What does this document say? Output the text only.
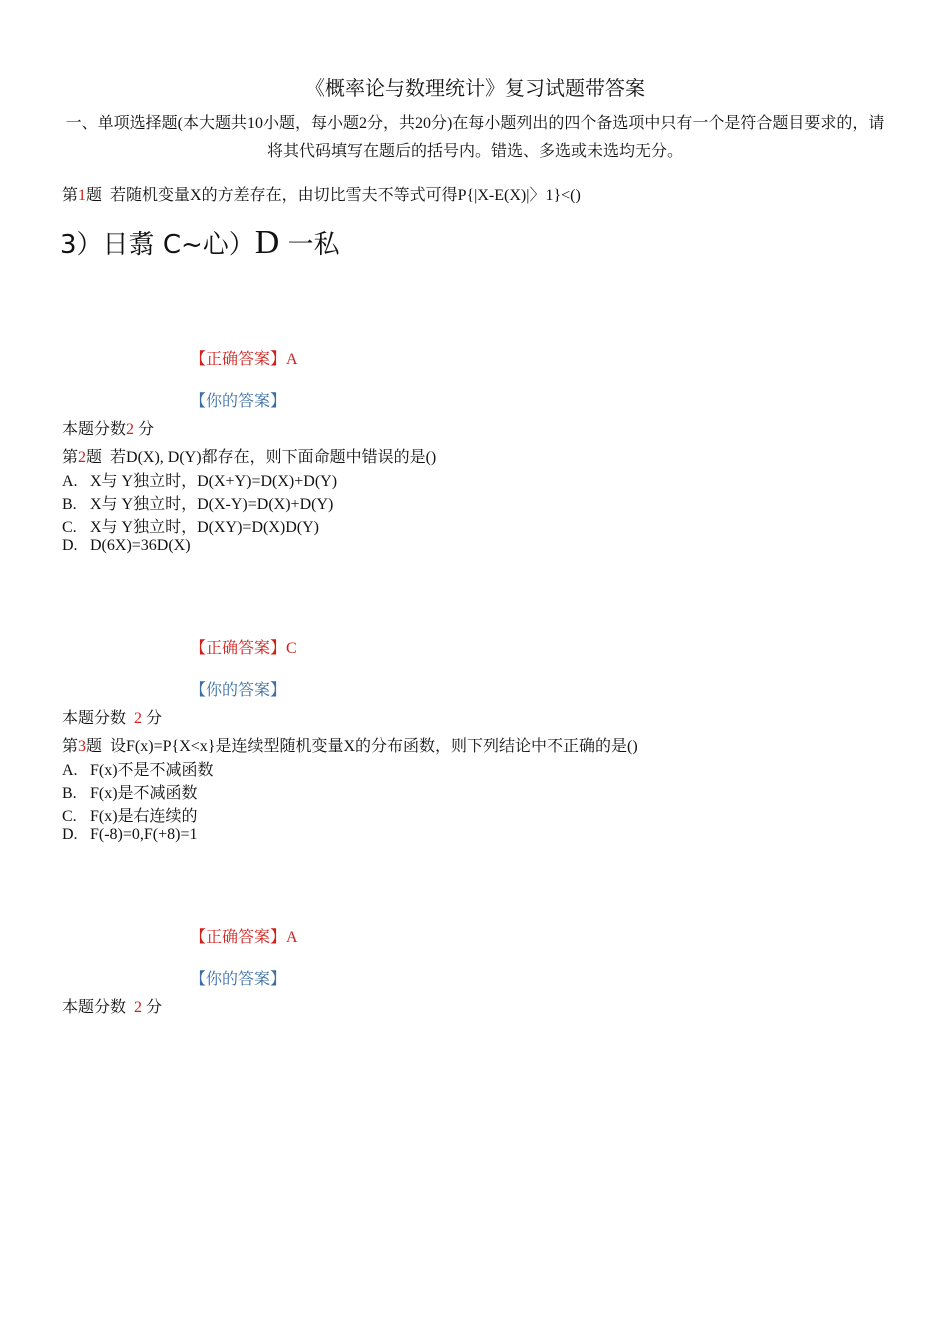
《概率论与数理统计》复习试题带答案
一、单项选择题(本大题共10小题，每小题2分，共20分)在每小题列出的四个备选项中只有一个是符合题目要求的，请将其代码填写在题后的括号内。错选、多选或未选均无分。
第1题 若随机变量X的方差存在，由切比雪夫不等式可得P{|X-E(X)|〉1}<()
3）日翥 C~心）D 一私
【正确答案】A
【你的答案】
本题分数2 分
第2题 若D(X), D(Y)都存在，则下面命题中错误的是()
A. X与 Y独立时，D(X+Y)=D(X)+D(Y)
B. X与 Y独立时，D(X-Y)=D(X)+D(Y)
C. X与 Y独立时，D(XY)=D(X)D(Y)
D. D(6X)=36D(X)
【正确答案】C
【你的答案】
本题分数 2 分
第3题 设F(x)=P{X<x}是连续型随机变量X的分布函数，则下列结论中不正确的是()
A. F(x)不是不减函数
B. F(x)是不减函数
C. F(x)是右连续的
D. F(-8)=0,F(+8)=1
【正确答案】A
【你的答案】
本题分数 2 分
